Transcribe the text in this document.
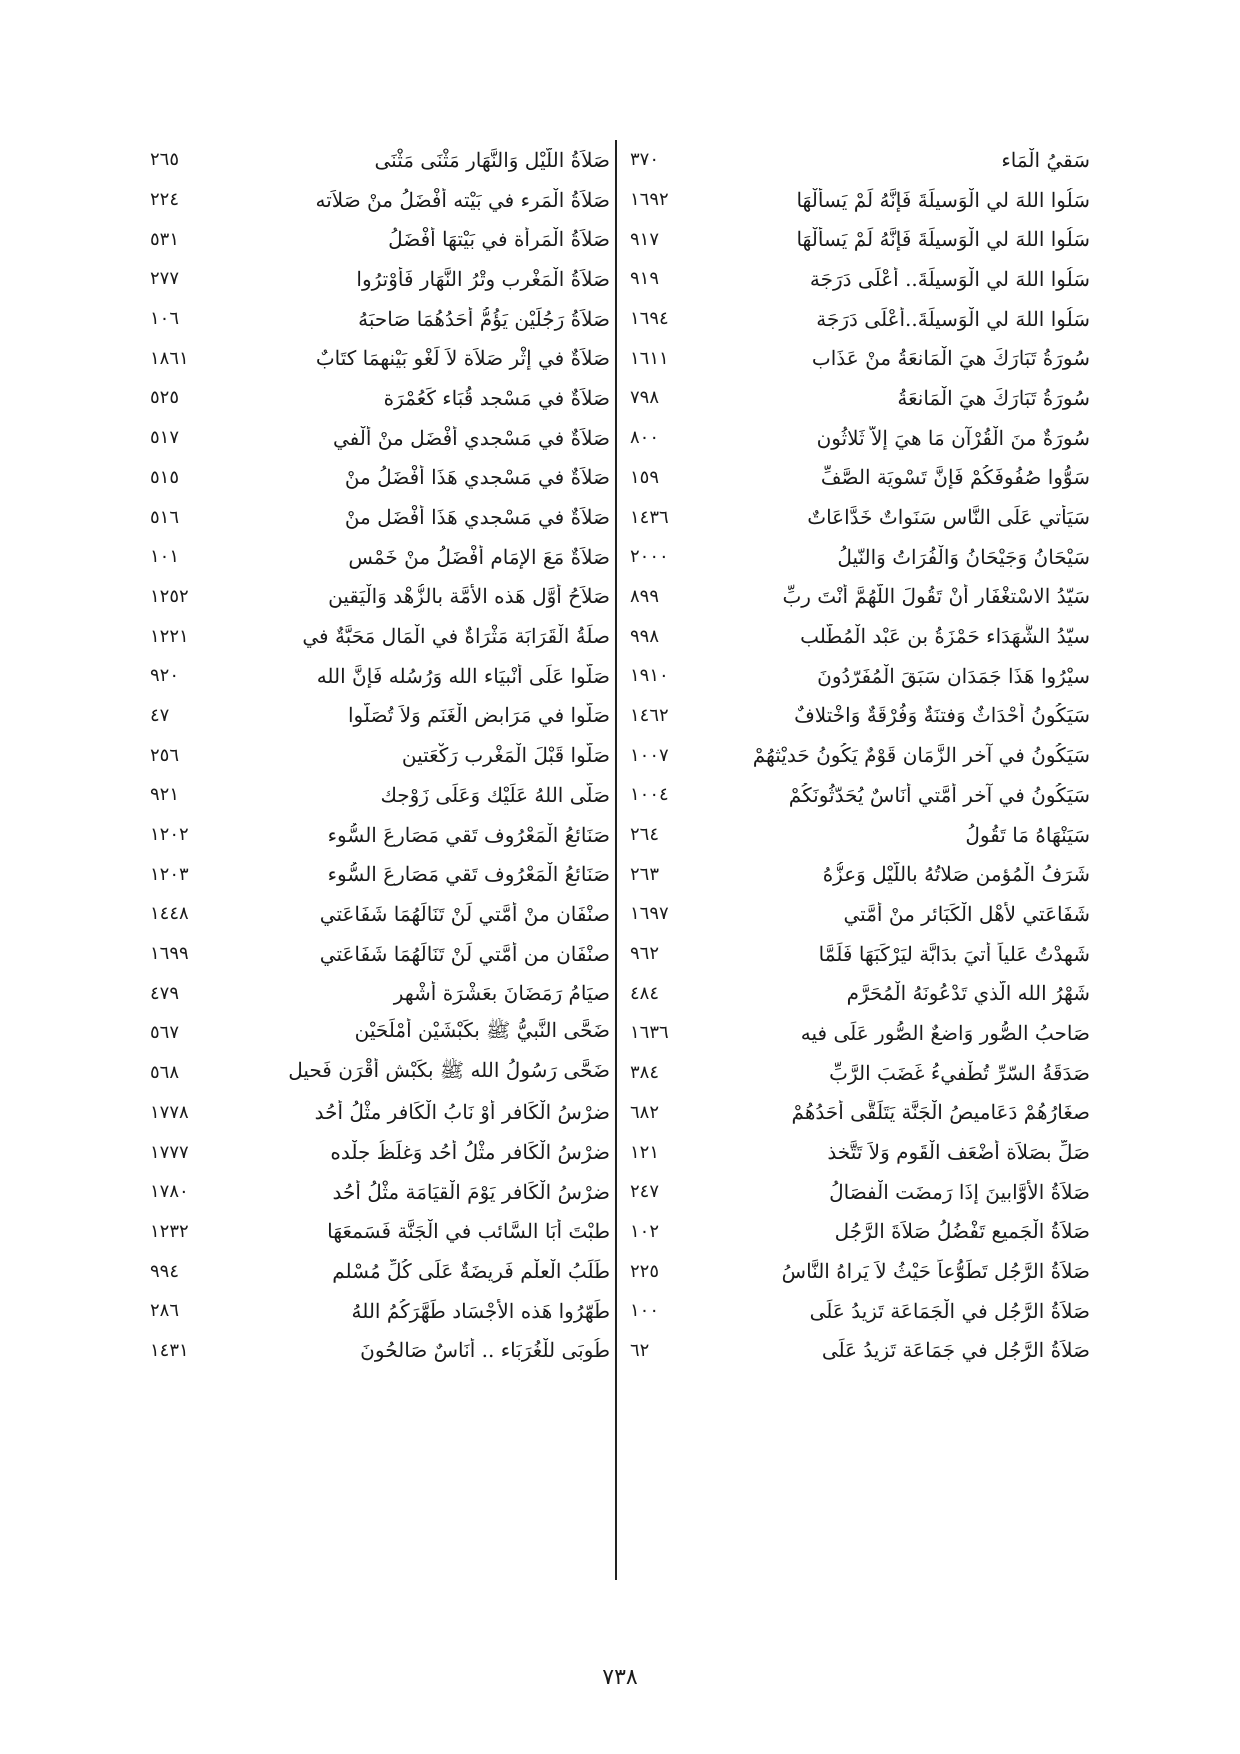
سَقيُ الْمَاء
٣٧٠
سَلُوا اللهَ لي الْوَسيلَةَ فَإنَّهُ لَمْ يَسأَلْهَا
١٦٩٢
سَلُوا اللهَ لي الْوَسيلَةَ فَإنَّهُ لَمْ يَسأَلْهَا
٩١٧
سَلُوا اللهَ لي الْوَسيلَةَ.. أَعْلَى دَرَجَة
٩١٩
سَلُوا اللهَ لي الْوَسيلَةَ..أَعْلَى دَرَجَة
١٦٩٤
سُورَةُ تَبَارَكَ هيَ الْمَانعَةُ منْ عَذَاب
١٦١١
سُورَةُ تَبَارَكَ هيَ الْمَانعَةُ
٧٩٨
سُورَةٌ منَ الْقُرْآن مَا هيَ إلاَّ ثَلاثُون
٨٠٠
سَوُّوا صُفُوفَكُمْ فَإنَّ تَسْويَة الصَّفِّ
١٥٩
سَيَأتي عَلَى النَّاس سَنَواتٌ خَدَّاعَاتٌ
١٤٣٦
سَيْحَانُ وَجَيْحَانُ وَالْفُرَاتُ وَالنّيلُ
٢٠٠٠
سَيّدُ الاسْتغْفَار أَنْ تَقُولَ اللَّهُمَّ أَنْتَ ربِّ
٨٩٩
سيّدُ الشُّهَدَاء حَمْزَةُ بن عَبْد الْمُطَّلب
٩٩٨
سيْرُوا هَذَا جَمَدَان سَبَقَ الْمُفَرّدُونَ
١٩١٠
سَيَكُونُ أَحْدَاثٌ وَفتنَةٌ وَفُرْقَةٌ وَاخْتلافٌ
١٤٦٢
سَيَكُونُ في آخر الزَّمَان قَوْمٌ يَكُونُ حَديْثهُمْ
١٠٠٧
سَيَكُونُ في آخر أُمَّتي أُنَاسٌ يُحَدّثُونَكُمْ
١٠٠٤
سَيَنْهَاهُ مَا تَقُولُ
٢٦٤
شَرَفُ الْمُؤمن صَلاتُهُ باللَّيْل وَعزُّهُ
٢٦٣
شَفَاعَتي لأَهْل الْكَبَائر منْ أُمَّتي
١٦٩٧
شَهدْتُ عَلياً أُتيَ بدَابَّة ليَرْكَبَهَا فَلَمَّا
٩٦٢
شَهْرُ الله الَّذي تَدْعُونَهُ الْمُحَرَّم
٤٨٤
صَاحبُ الصُّور وَاضعٌ الصُّور عَلَى فيه
١٦٣٦
صَدَقَةُ السّرِّ تُطْفيءُ غَضَبَ الرَّبِّ
٣٨٤
صغَارُهُمْ دَعَاميصُ الْجَنَّة يَتَلَقَّى أَحَدُهُمْ
٦٨٢
صَلِّ بصَلاَة أَضْعَف الْقَوم وَلاَ تَتَّخذ
١٢١
صَلاَةُ الأَوَّابينَ إذَا رَمضَت الْفصَالُ
٢٤٧
صَلاَةُ الْجَميع تَفْضُلُ صَلاَةَ الرَّجُل
١٠٢
صَلاَةُ الرَّجُل تَطَوُّعاً حَيْثُ لاَ يَراهُ النَّاسُ
٢٢٥
صَلاَةُ الرَّجُل في الْجَمَاعَة تَزيدُ عَلَى
١٠٠
صَلاَةُ الرَّجُل في جَمَاعَة تَزيدُ عَلَى
٦٢
صَلاَةُ اللَّيْل وَالنَّهَار مَثْنَى مَثْنَى
٢٦٥
صَلاَةُ الْمَرء في بَيْته أَفْضَلُ منْ صَلاَته
٢٢٤
صَلاَةُ الْمَرأَة في بَيْتهَا أَفْضَلُ
٥٣١
صَلاَةُ الْمَغْرب وتْرُ النَّهَار فَأَوْترُوا
٢٧٧
صَلاَةُ رَجُلَيْن يَؤُمُّ أَحَدُهُمَا صَاحبَهُ
١٠٦
صَلاَةٌ في إثْر صَلاَة لاَ لَغْو بَيْنهمَا كتَابٌ
١٨٦١
صَلاَةٌ في مَسْجد قُبَاء كَعُمْرَة
٥٢٥
صَلاَةٌ في مَسْجدي أَفْضَل منْ أَلْفي
٥١٧
صَلاَةٌ في مَسْجدي هَذَا أَفْضَلُ منْ
٥١٥
صَلاَةٌ في مَسْجدي هَذَا أَفْضَل منْ
٥١٦
صَلاَةٌ مَعَ الإمَام أَفْضَلُ منْ خَمْس
١٠١
صَلاَحُ أَوَّل هَذه الأُمَّة بالزُّهْد وَالْيَقين
١٢٥٢
صلَةُ الْقَرَابَة مَثْرَاةٌ في الْمَال مَحَبَّةٌ في
١٢٢١
صَلُّوا عَلَى أَنْبيَاء الله وَرُسُله فَإنَّ الله
٩٢٠
صَلُّوا في مَرَابض الْغَنَم وَلاَ تُصَلُّوا
٤٧
صَلُّوا قَبْلَ الْمَغْرب رَكْعَتين
٢٥٦
صَلَّى اللهُ عَلَيْك وَعَلَى زَوْجك
٩٢١
صَنَائعُ الْمَعْرُوف تَقي مَصَارعَ السُّوء
١٢٠٢
صَنَائعُ الْمَعْرُوف تَقي مَصَارعَ السُّوء
١٢٠٣
صنْفَان منْ أُمَّتي لَنْ تَنَالَهُمَا شَفَاعَتي
١٤٤٨
صنْفَان من أُمَّتي لَنْ تَنَالَهُمَا شَفَاعَتي
١٦٩٩
صيَامُ رَمَضَانَ بعَشْرَة أَشْهر
٤٧٩
ضَحَّى النَّبيُّ ﷺ بكَبْشَيْن أَمْلَحَيْن
٥٦٧
ضَحَّى رَسُولُ الله ﷺ بكَبْش أَقْرَن فَحيل
٥٦٨
ضرْسُ الْكَافر أَوْ نَابُ الْكَافر مثْلُ أُحُد
١٧٧٨
ضرْسُ الْكَافر مثْلُ أُحُد وَغلَظُ جلْده
١٧٧٧
ضرْسُ الْكَافر يَوْمَ الْقيَامَة مثْلُ أُحُد
١٧٨٠
طبْتَ أَبَا السَّائب في الْجَنَّة فَسَمعَهَا
١٢٣٢
طَلَبُ الْعلْم فَريضَةٌ عَلَى كُلِّ مُسْلم
٩٩٤
طَهّرُوا هَذه الأَجْسَاد طَهَّرَكُمُ اللهُ
٢٨٦
طُوبَى للْغُرَبَاء .. أُنَاسٌ صَالحُونَ
١٤٣١
٧٣٨
